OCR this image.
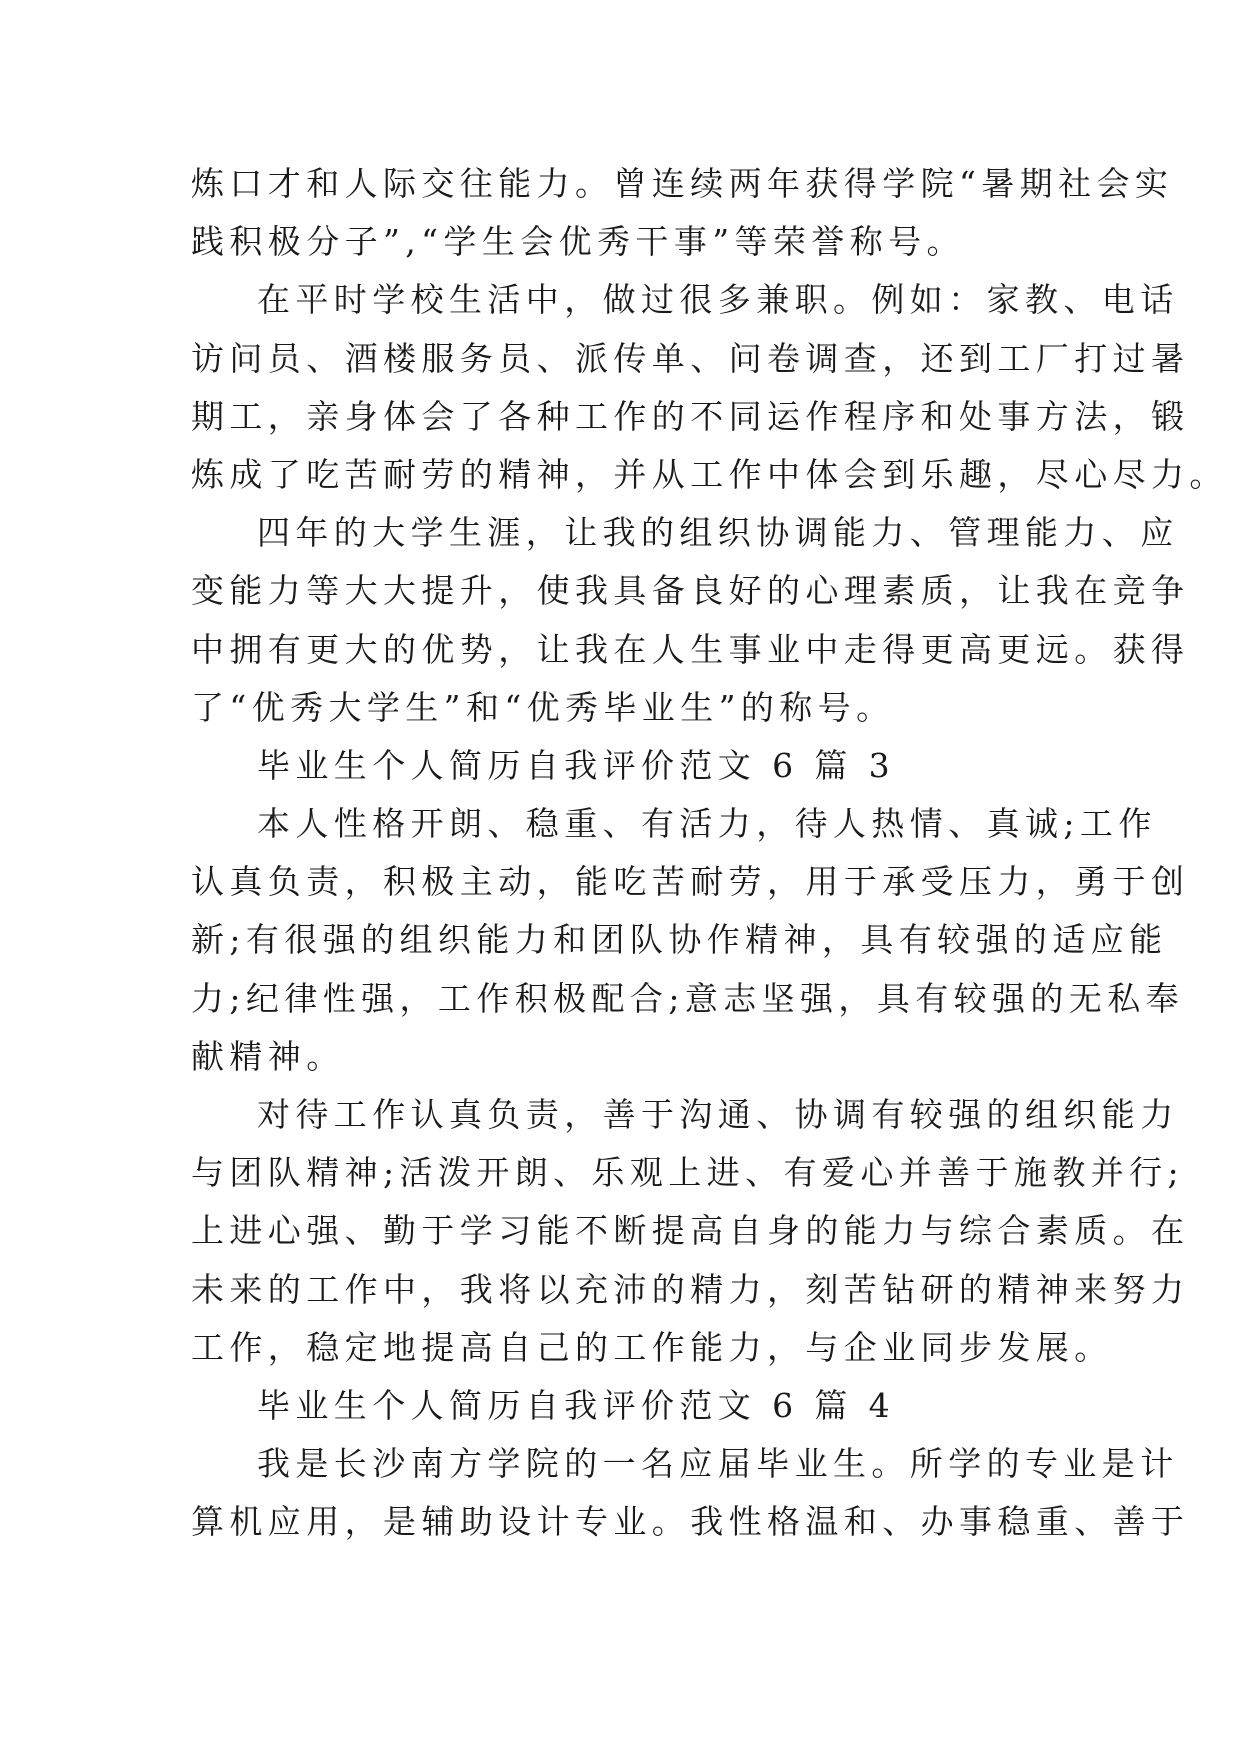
炼口才和人际交往能力。曾连续两年获得学院“暑期社会实
践积极分子”,“学生会优秀干事”等荣誉称号。
在平时学校生活中，做过很多兼职。例如：家教、电话
访问员、酒楼服务员、派传单、问卷调查，还到工厂打过暑
期工，亲身体会了各种工作的不同运作程序和处事方法，锻
炼成了吃苦耐劳的精神，并从工作中体会到乐趣，尽心尽力。
四年的大学生涯，让我的组织协调能力、管理能力、应
变能力等大大提升，使我具备良好的心理素质，让我在竞争
中拥有更大的优势，让我在人生事业中走得更高更远。获得
了“优秀大学生”和“优秀毕业生”的称号。
毕业生个人简历自我评价范文 6 篇 3
本人性格开朗、稳重、有活力，待人热情、真诚;工作
认真负责，积极主动，能吃苦耐劳，用于承受压力，勇于创
新;有很强的组织能力和团队协作精神，具有较强的适应能
力;纪律性强，工作积极配合;意志坚强，具有较强的无私奉
献精神。
对待工作认真负责，善于沟通、协调有较强的组织能力
与团队精神;活泼开朗、乐观上进、有爱心并善于施教并行;
上进心强、勤于学习能不断提高自身的能力与综合素质。在
未来的工作中，我将以充沛的精力，刻苦钻研的精神来努力
工作，稳定地提高自己的工作能力，与企业同步发展。
毕业生个人简历自我评价范文 6 篇 4
我是长沙南方学院的一名应届毕业生。所学的专业是计
算机应用，是辅助设计专业。我性格温和、办事稳重、善于
